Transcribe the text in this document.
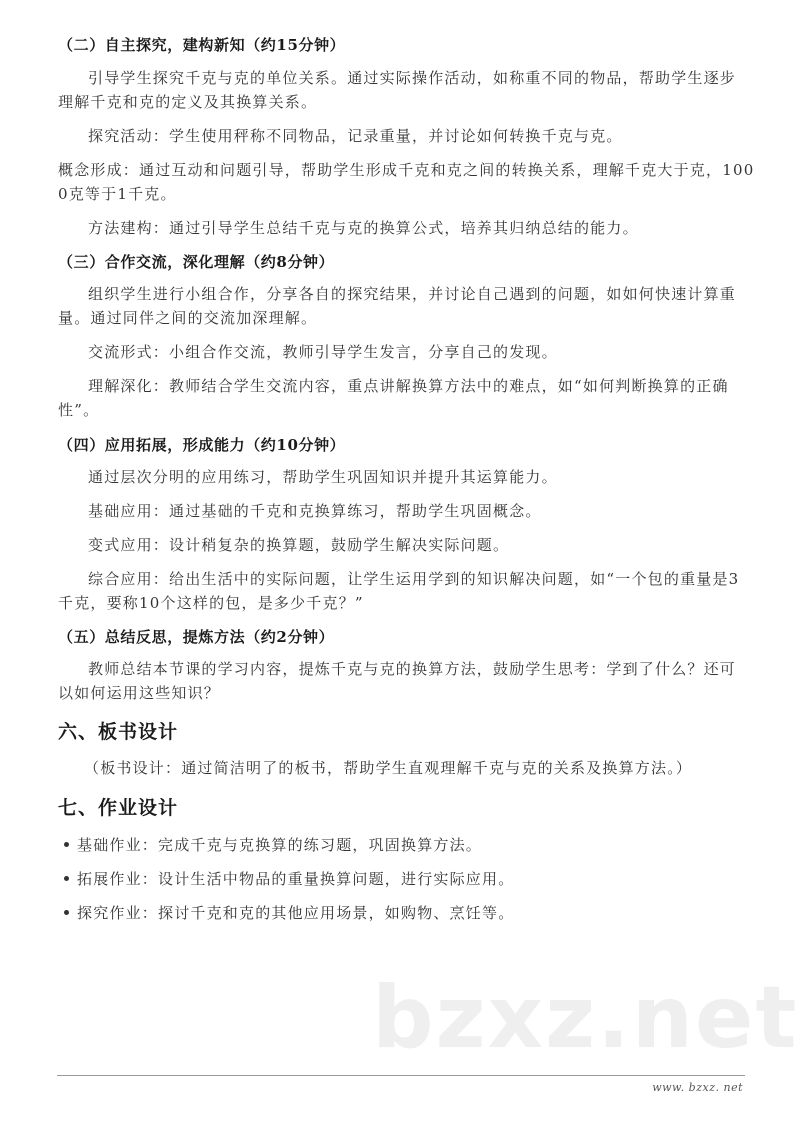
bzxz.net
（二）自主探究，建构新知（约15分钟）
引导学生探究千克与克的单位关系。通过实际操作活动，如称重不同的物品，帮助学生逐步
理解千克和克的定义及其换算关系。
探究活动：学生使用秤称不同物品，记录重量，并讨论如何转换千克与克。
概念形成：通过互动和问题引导，帮助学生形成千克和克之间的转换关系，理解千克大于克，100
0克等于1千克。
方法建构：通过引导学生总结千克与克的换算公式，培养其归纳总结的能力。
（三）合作交流，深化理解（约8分钟）
组织学生进行小组合作，分享各自的探究结果，并讨论自己遇到的问题，如如何快速计算重
量。通过同伴之间的交流加深理解。
交流形式：小组合作交流，教师引导学生发言，分享自己的发现。
理解深化：教师结合学生交流内容，重点讲解换算方法中的难点，如“如何判断换算的正确
性”。
（四）应用拓展，形成能力（约10分钟）
通过层次分明的应用练习，帮助学生巩固知识并提升其运算能力。
基础应用：通过基础的千克和克换算练习，帮助学生巩固概念。
变式应用：设计稍复杂的换算题，鼓励学生解决实际问题。
综合应用：给出生活中的实际问题，让学生运用学到的知识解决问题，如“一个包的重量是3
千克，要称10个这样的包，是多少千克？”
（五）总结反思，提炼方法（约2分钟）
教师总结本节课的学习内容，提炼千克与克的换算方法，鼓励学生思考：学到了什么？还可
以如何运用这些知识？
六、板书设计
（板书设计：通过简洁明了的板书，帮助学生直观理解千克与克的关系及换算方法。）
七、作业设计
基础作业：完成千克与克换算的练习题，巩固换算方法。
拓展作业：设计生活中物品的重量换算问题，进行实际应用。
探究作业：探讨千克和克的其他应用场景，如购物、烹饪等。
www. bzxz. net
